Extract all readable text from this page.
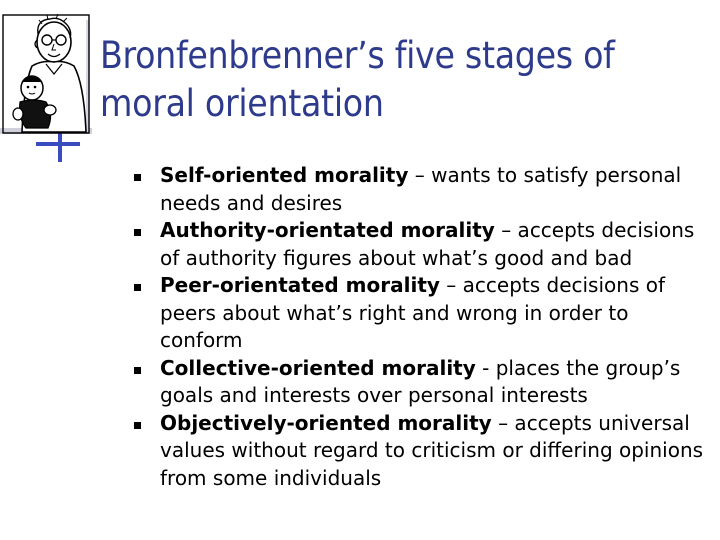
Bronfenbrenner’s five stages of
moral orientation
Self-oriented morality – wants to satisfy personal needs and desires
Authority-orientated morality – accepts decisions of authority figures about what’s good and bad
Peer-orientated morality – accepts decisions of peers about what’s right and wrong in order to conform
Collective-oriented morality - places the group’s goals and interests over personal interests
Objectively-oriented morality – accepts universal values without regard to criticism or differing opinions from some individuals
